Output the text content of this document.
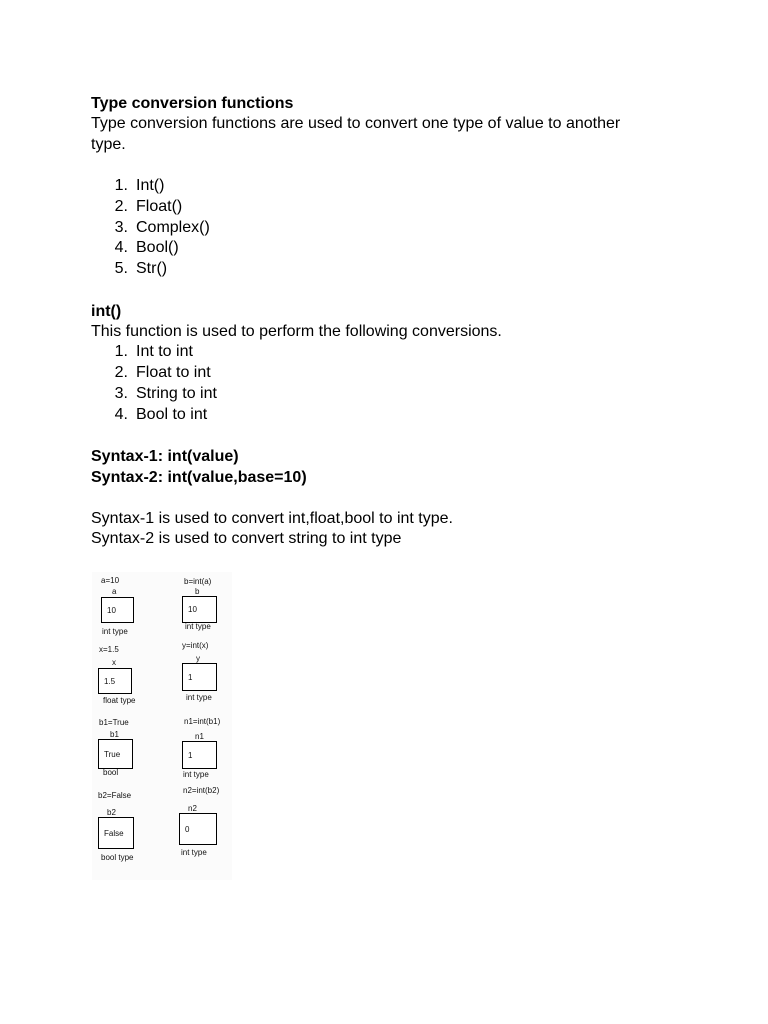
Type conversion functions
Type conversion functions are used to convert one type of value to another
type.
1. Int()
2. Float()
3. Complex()
4. Bool()
5. Str()
int()
This function is used to perform the following conversions.
1. Int to int
2. Float to int
3. String to int
4. Bool to int
Syntax-1: int(value)
Syntax-2: int(value,base=10)
Syntax-1 is used to convert int,float,bool to int type.
Syntax-2 is used to convert string to int type
a=10
a
10
int type
x=1.5
x
1.5
float type
b1=True
b1
True
bool
b2=False
b2
False
bool type
b=int(a)
b
10
int type
y=int(x)
y
1
int type
n1=int(b1)
n1
1
int type
n2=int(b2)
n2
0
int type
